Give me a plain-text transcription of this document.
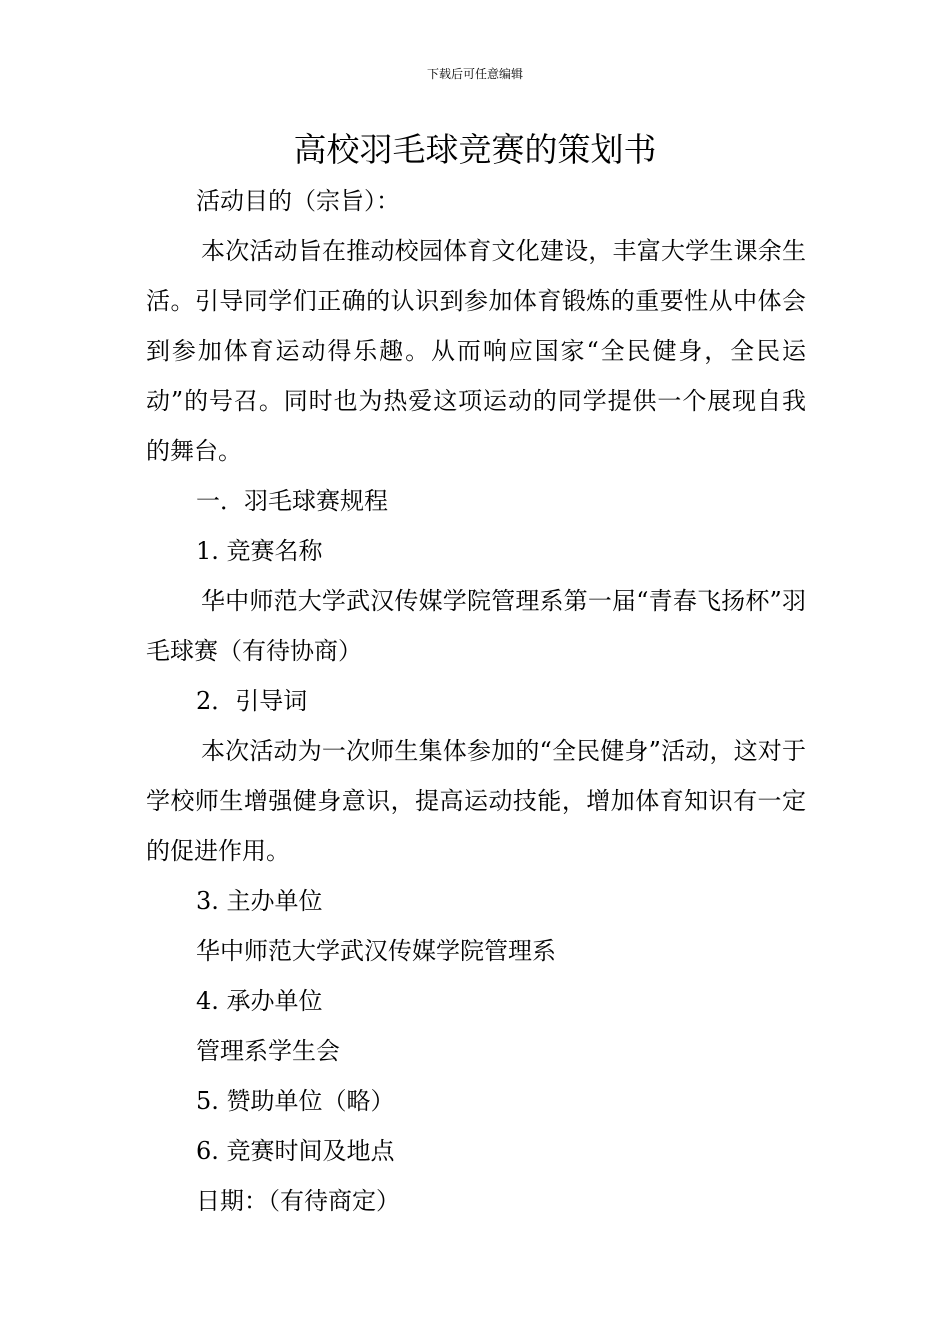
下载后可任意编辑
高校羽毛球竞赛的策划书

活动目的（宗旨）：

本次活动旨在推动校园体育文化建设，丰富大学生课余生活。引导同学们正确的认识到参加体育锻炼的重要性从中体会到参加体育运动得乐趣。从而响应国家“全民健身，全民运动”的号召。同时也为热爱这项运动的同学提供一个展现自我的舞台。

一．羽毛球赛规程

1. 竞赛名称

华中师范大学武汉传媒学院管理系第一届“青春飞扬杯”羽毛球赛（有待协商）

2．引导词

本次活动为一次师生集体参加的“全民健身”活动，这对于学校师生增强健身意识，提高运动技能，增加体育知识有一定的促进作用。

3. 主办单位

华中师范大学武汉传媒学院管理系

4. 承办单位

管理系学生会

5. 赞助单位（略）

6. 竞赛时间及地点

日期：（有待商定）
